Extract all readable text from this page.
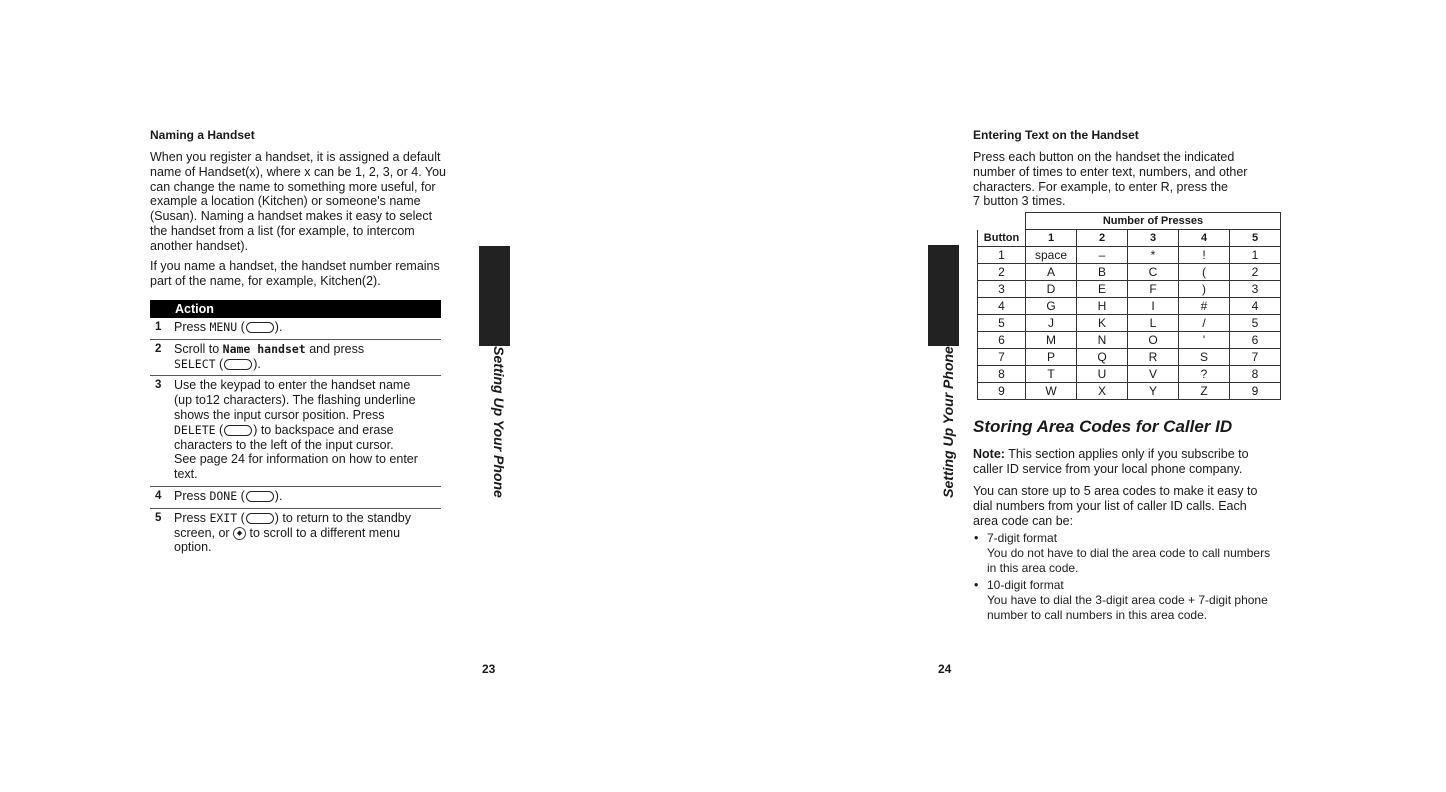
Naming a Handset
When you register a handset, it is assigned a default
name of Handset(x), where x can be 1, 2, 3, or 4. You
can change the name to something more useful, for
example a location (Kitchen) or someone's name
(Susan). Naming a handset makes it easy to select
the handset from a list (for example, to intercom
another handset).
If you name a handset, the handset number remains
part of the name, for example, Kitchen(2).
Action
1 Press MENU ( ).
2 Scroll to Name handset and press
SELECT ( ).
3 Use the keypad to enter the handset name
(up to12 characters). The flashing underline
shows the input cursor position. Press
DELETE ( ) to backspace and erase
characters to the left of the input cursor.
See page 24 for information on how to enter
text.
4 Press DONE ( ).
5 Press EXIT ( ) to return to the standby
screen, or ◆ to scroll to a different menu
option.
Setting Up Your Phone
23
Entering Text on the Handset
Press each button on the handset the indicated
number of times to enter text, numbers, and other
characters. For example, to enter R, press the
7 button 3 times.
	Number of Presses				
Button	1	2	3	4	5
1	space	–	*	!	1
2	A	B	C	(	2
3	D	E	F	)	3
4	G	H	I	#	4
5	J	K	L	/	5
6	M	N	O	'	6
7	P	Q	R	S	7
8	T	U	V	?	8
9	W	X	Y	Z	9
Setting Up Your Phone Storing Area Codes for Caller ID
Note: This section applies only if you subscribe to
caller ID service from your local phone company.
You can store up to 5 area codes to make it easy to
dial numbers from your list of caller ID calls. Each
area code can be:
• 7-digit format
You do not have to dial the area code to call numbers
in this area code.
• 10-digit format
You have to dial the 3-digit area code + 7-digit phone
number to call numbers in this area code.
24
